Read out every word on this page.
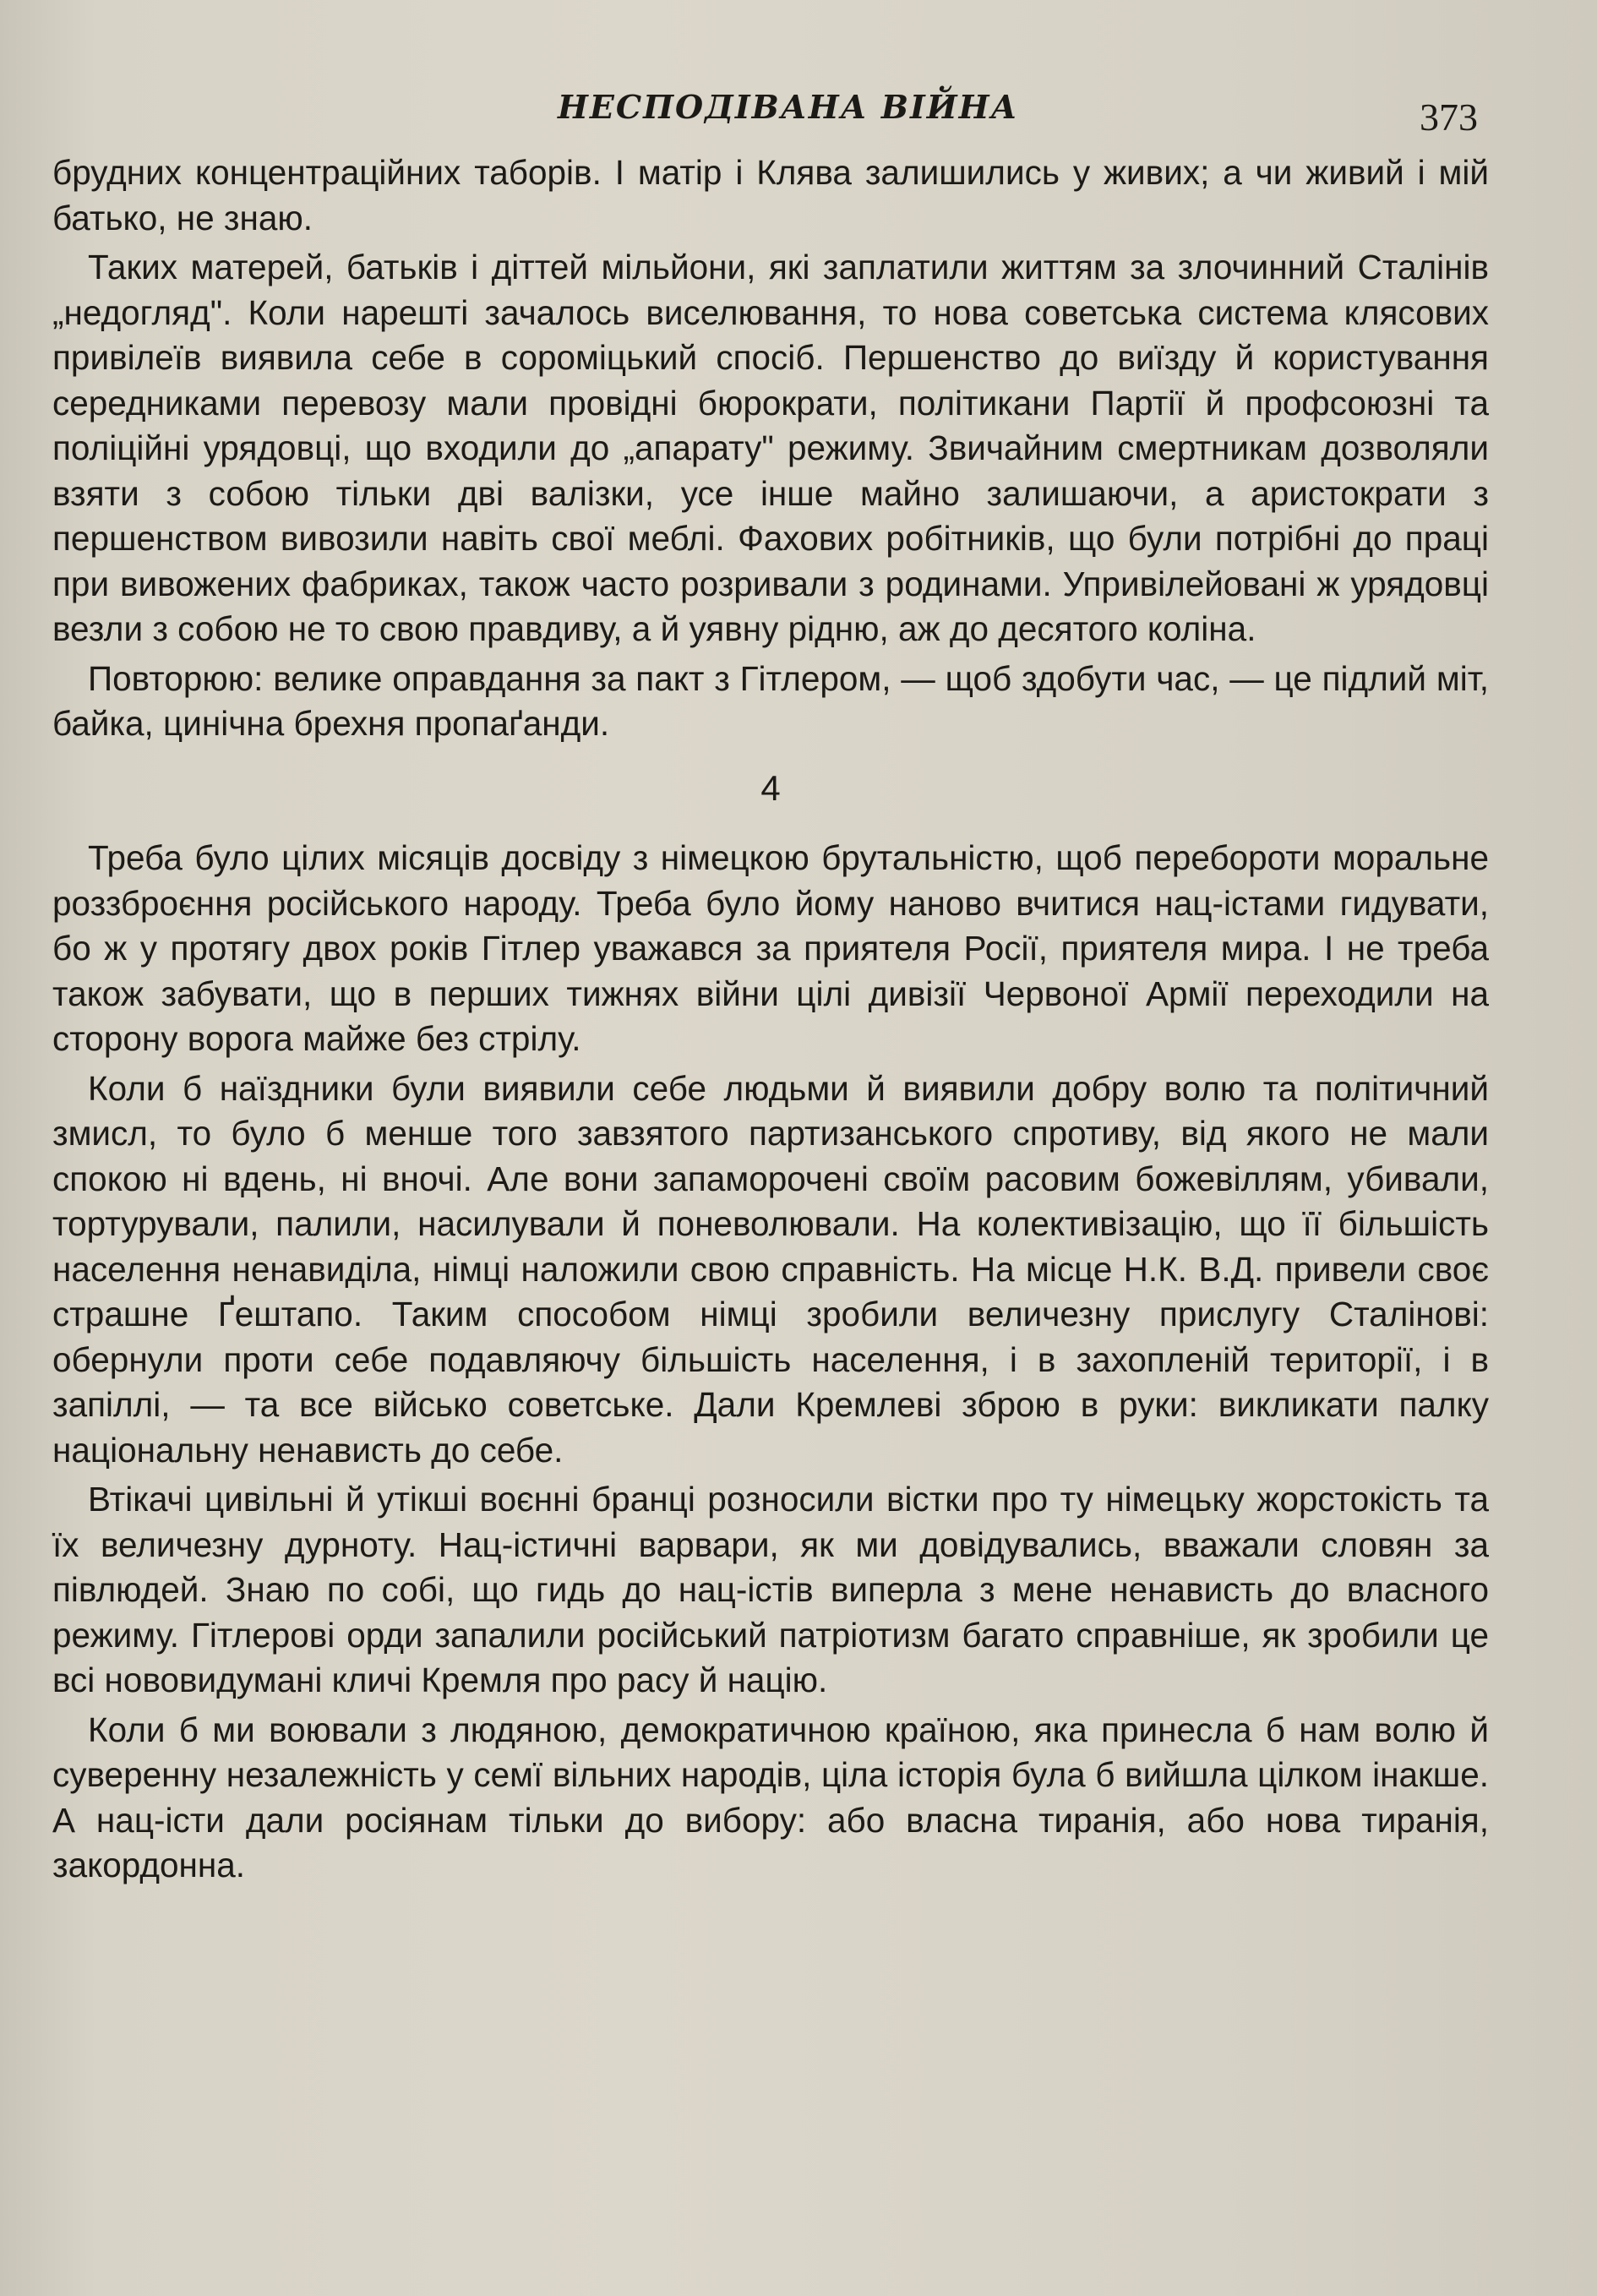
НЕСПОДІВАНА ВІЙНА	373

брудних концентраційних таборів. І матір і Клява залишились у живих; а чи живий і мій батько, не знаю.

Таких матерей, батьків і діттей мільйони, які заплатили життям за злочинний Сталінів „недогляд". Коли нарешті зачалось виселювання, то нова советська система клясових привілеїв виявила себе в сороміцький спосіб. Першенство до виїзду й користування середниками перевозу мали провідні бюрократи, політикани Партії й профсоюзні та поліційні урядовці, що входили до „апарату" режиму. Звичайним смертникам дозволяли взяти з собою тільки дві валізки, усе інше майно залишаючи, а аристократи з першенством вивозили навіть свої меблі. Фахових робітників, що були потрібні до праці при вивожених фабриках, також часто розривали з родинами. Упривілейовані ж урядовці везли з собою не то свою правдиву, а й уявну рідню, аж до десятого коліна.

Повторюю: велике оправдання за пакт з Гітлером, — щоб здобути час, — це підлий міт, байка, цинічна брехня пропаґанди.

4

Треба було цілих місяців досвіду з німецкою брутальністю, щоб перебороти моральне роззброєння російського народу. Треба було йому наново вчитися нац-істами гидувати, бо ж у протягу двох років Гітлер уважався за приятеля Росії, приятеля мира. І не треба також забувати, що в перших тижнях війни цілі дивізії Червоної Армії переходили на сторону ворога майже без стрілу.

Коли б наїздники були виявили себе людьми й виявили добру волю та політичний змисл, то було б менше того завзятого партизанського спротиву, від якого не мали спокою ні вдень, ні вночі. Але вони запаморочені своїм расовим божевіллям, убивали, тортурували, палили, насилували й поневолювали. На колективізацію, що її більшість населення ненавиділа, німці наложили свою справність. На місце Н.К. В.Д. привели своє страшне Ґештапо. Таким способом німці зробили величезну прислугу Сталінові: обернули проти себе подавляючу більшість населення, і в захопленій території, і в запіллі, — та все військо советське. Дали Кремлеві зброю в руки: викликати палку національну ненависть до себе.

Втікачі цивільні й утікші воєнні бранці розносили вістки про ту німецьку жорстокість та їх величезну дурноту. Нац-істичні варвари, як ми довідувались, вважали словян за півлюдей. Знаю по собі, що гидь до нац-істів виперла з мене ненависть до власного режиму. Гітлерові орди запалили російський патріотизм багато справніше, як зробили це всі нововидумані кличі Кремля про расу й націю.

Коли б ми воювали з людяною, демократичною країною, яка принесла б нам волю й суверенну незалежність у семї вільних народів, ціла історія була б вийшла цілком інакше. А нац-істи дали росіянам тільки до вибору: або власна тиранія, або нова тиранія, закордонна.
